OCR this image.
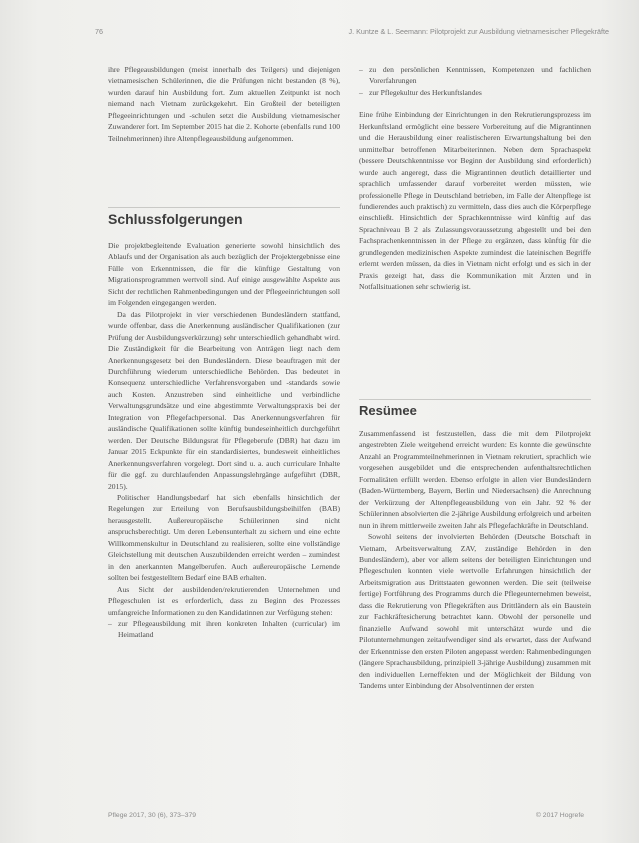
76	J. Kuntze & L. Seemann: Pilotprojekt zur Ausbildung vietnamesischer Pflegekräfte

ihre Pflegeausbildungen (meist innerhalb des Teilgers) und diejenigen vietnamesischen Schülerinnen, die die Prüfungen nicht bestanden (8 %), wurden darauf hin Ausbildung fort. Zum aktuellen Zeitpunkt ist noch niemand nach Vietnam zurückgekehrt. Ein Großteil der beteiligten Pflegeeinrichtungen und -schulen setzt die Ausbildung vietnamesischer Zuwanderer fort. Im September 2015 hat die 2. Kohorte (ebenfalls rund 100 Teilnehmerinnen) ihre Altenpflegeausbildung aufgenommen.

Schlussfolgerungen

Die projektbegleitende Evaluation generierte sowohl hinsichtlich des Ablaufs und der Organisation als auch bezüglich der Projektergebnisse eine Fülle von Erkenntnissen, die für die künftige Gestaltung von Migrationsprogrammen wertvoll sind. Auf einige ausgewählte Aspekte aus Sicht der rechtlichen Rahmenbedingungen und der Pflegeeinrichtungen soll im Folgenden eingegangen werden.

Da das Pilotprojekt in vier verschiedenen Bundesländern stattfand, wurde offenbar, dass die Anerkennung ausländischer Qualifikationen (zur Prüfung der Ausbildungsverkürzung) sehr unterschiedlich gehandhabt wird. Die Zuständigkeit für die Bearbeitung von Anträgen liegt nach dem Anerkennungsgesetz bei den Bundesländern. Diese beauftragen mit der Durchführung wiederum unterschiedliche Behörden. Das bedeutet in Konsequenz unterschiedliche Verfahrensvorgaben und -standards sowie auch Kosten. Anzustreben sind einheitliche und verbindliche Verwaltungsgrundsätze und eine abgestimmte Verwaltungspraxis bei der Integration von Pflegefachpersonal. Das Anerkennungsverfahren für ausländische Qualifikationen sollte künftig bundeseinheitlich durchgeführt werden. Der Deutsche Bildungsrat für Pflegeberufe (DBR) hat dazu im Januar 2015 Eckpunkte für ein standardisiertes, bundesweit einheitliches Anerkennungsverfahren vorgelegt. Dort sind u. a. auch curriculare Inhalte für die ggf. zu durchlaufenden Anpassungslehrgänge aufgeführt (DBR, 2015).

Politischer Handlungsbedarf hat sich ebenfalls hinsichtlich der Regelungen zur Erteilung von Berufsausbildungsbeihilfen (BAB) herausgestellt. Außereuropäische Schülerinnen sind nicht anspruchsberechtigt. Um deren Lebensunterhalt zu sichern und eine echte Willkommenskultur in Deutschland zu realisieren, sollte eine vollständige Gleichstellung mit deutschen Auszubildenden erreicht werden – zumindest in den anerkannten Mangelberufen. Auch außereuropäische Lernende sollten bei festgestelltem Bedarf eine BAB erhalten.

Aus Sicht der ausbildenden/rekrutierenden Unternehmen und Pflegeschulen ist es erforderlich, dass zu Beginn des Prozesses umfangreiche Informationen zu den Kandidatinnen zur Verfügung stehen:

– zur Pflegeausbildung mit ihren konkreten Inhalten (curricular) im Heimatland
– zu den persönlichen Kenntnissen, Kompetenzen und fachlichen Vorerfahrungen
– zur Pflegekultur des Herkunftslandes

Eine frühe Einbindung der Einrichtungen in den Rekrutierungsprozess im Herkunftsland ermöglicht eine bessere Vorbereitung auf die Migrantinnen und die Herausbildung einer realistischeren Erwartungshaltung bei den unmittelbar betroffenen Mitarbeiterinnen. Neben dem Sprachaspekt (bessere Deutschkenntnisse vor Beginn der Ausbildung sind erforderlich) wurde auch angeregt, dass die Migrantinnen deutlich detaillierter und sprachlich umfassender darauf vorbereitet werden müssten, wie professionelle Pflege in Deutschland betrieben, im Falle der Altenpflege ist fundierendes auch praktisch) zu vermitteln, dass dies auch die Körperpflege einschließt. Hinsichtlich der Sprachkenntnisse wird künftig auf das Sprachniveau B 2 als Zulassungsvoraussetzung abgestellt und bei den Fachsprachenkenntnissen in der Pflege zu ergänzen, dass künftig für die grundlegenden medizinischen Aspekte zumindest die lateinischen Begriffe erlernt werden müssen, da dies in Vietnam nicht erfolgt und es sich in der Praxis gezeigt hat, dass die Kommunikation mit Ärzten und in Notfallsituationen sehr schwierig ist.

Resümee

Zusammenfassend ist festzustellen, dass die mit dem Pilotprojekt angestrebten Ziele weitgehend erreicht wurden: Es konnte die gewünschte Anzahl an Programmteilnehmerinnen in Vietnam rekrutiert, sprachlich wie vorgesehen ausgebildet und die entsprechenden aufenthaltsrechtlichen Formalitäten erfüllt werden. Ebenso erfolgte in allen vier Bundesländern (Baden-Württemberg, Bayern, Berlin und Niedersachsen) die Anrechnung der Verkürzung der Altenpflegeausbildung von ein Jahr. 92 % der Schülerinnen absolvierten die 2-jährige Ausbildung erfolgreich und arbeiten nun in ihrem mittlerweile zweiten Jahr als Pflegefachkräfte in Deutschland.

Sowohl seitens der involvierten Behörden (Deutsche Botschaft in Vietnam, Arbeitsverwaltung ZAV, zuständige Behörden in den Bundesländern), aber vor allem seitens der beteiligten Einrichtungen und Pflegeschulen konnten viele wertvolle Erfahrungen hinsichtlich der Arbeitsmigration aus Drittstaaten gewonnen werden. Die seit (teilweise fertige) Fortführung des Programms durch die Pflegeunternehmen beweist, dass die Rekrutierung von Pflegekräften aus Drittländern als ein Baustein zur Fachkräftesicherung betrachtet kann. Obwohl der personelle und finanzielle Aufwand sowohl mit unterschätzt wurde und die Pilotunternehmungen zeitaufwendiger sind als erwartet, dass der Aufwand der Erkenntnisse den ersten Piloten angepasst werden: Rahmenbedingungen (längere Sprachausbildung, prinzipiell 3-jährige Ausbildung) zusammen mit den individuellen Lerneffekten und der Möglichkeit der Bildung von Tandems unter Einbindung der Absolventinnen der ersten

Pflege 2017, 30 (6), 373–379	© 2017 Hogrefe
